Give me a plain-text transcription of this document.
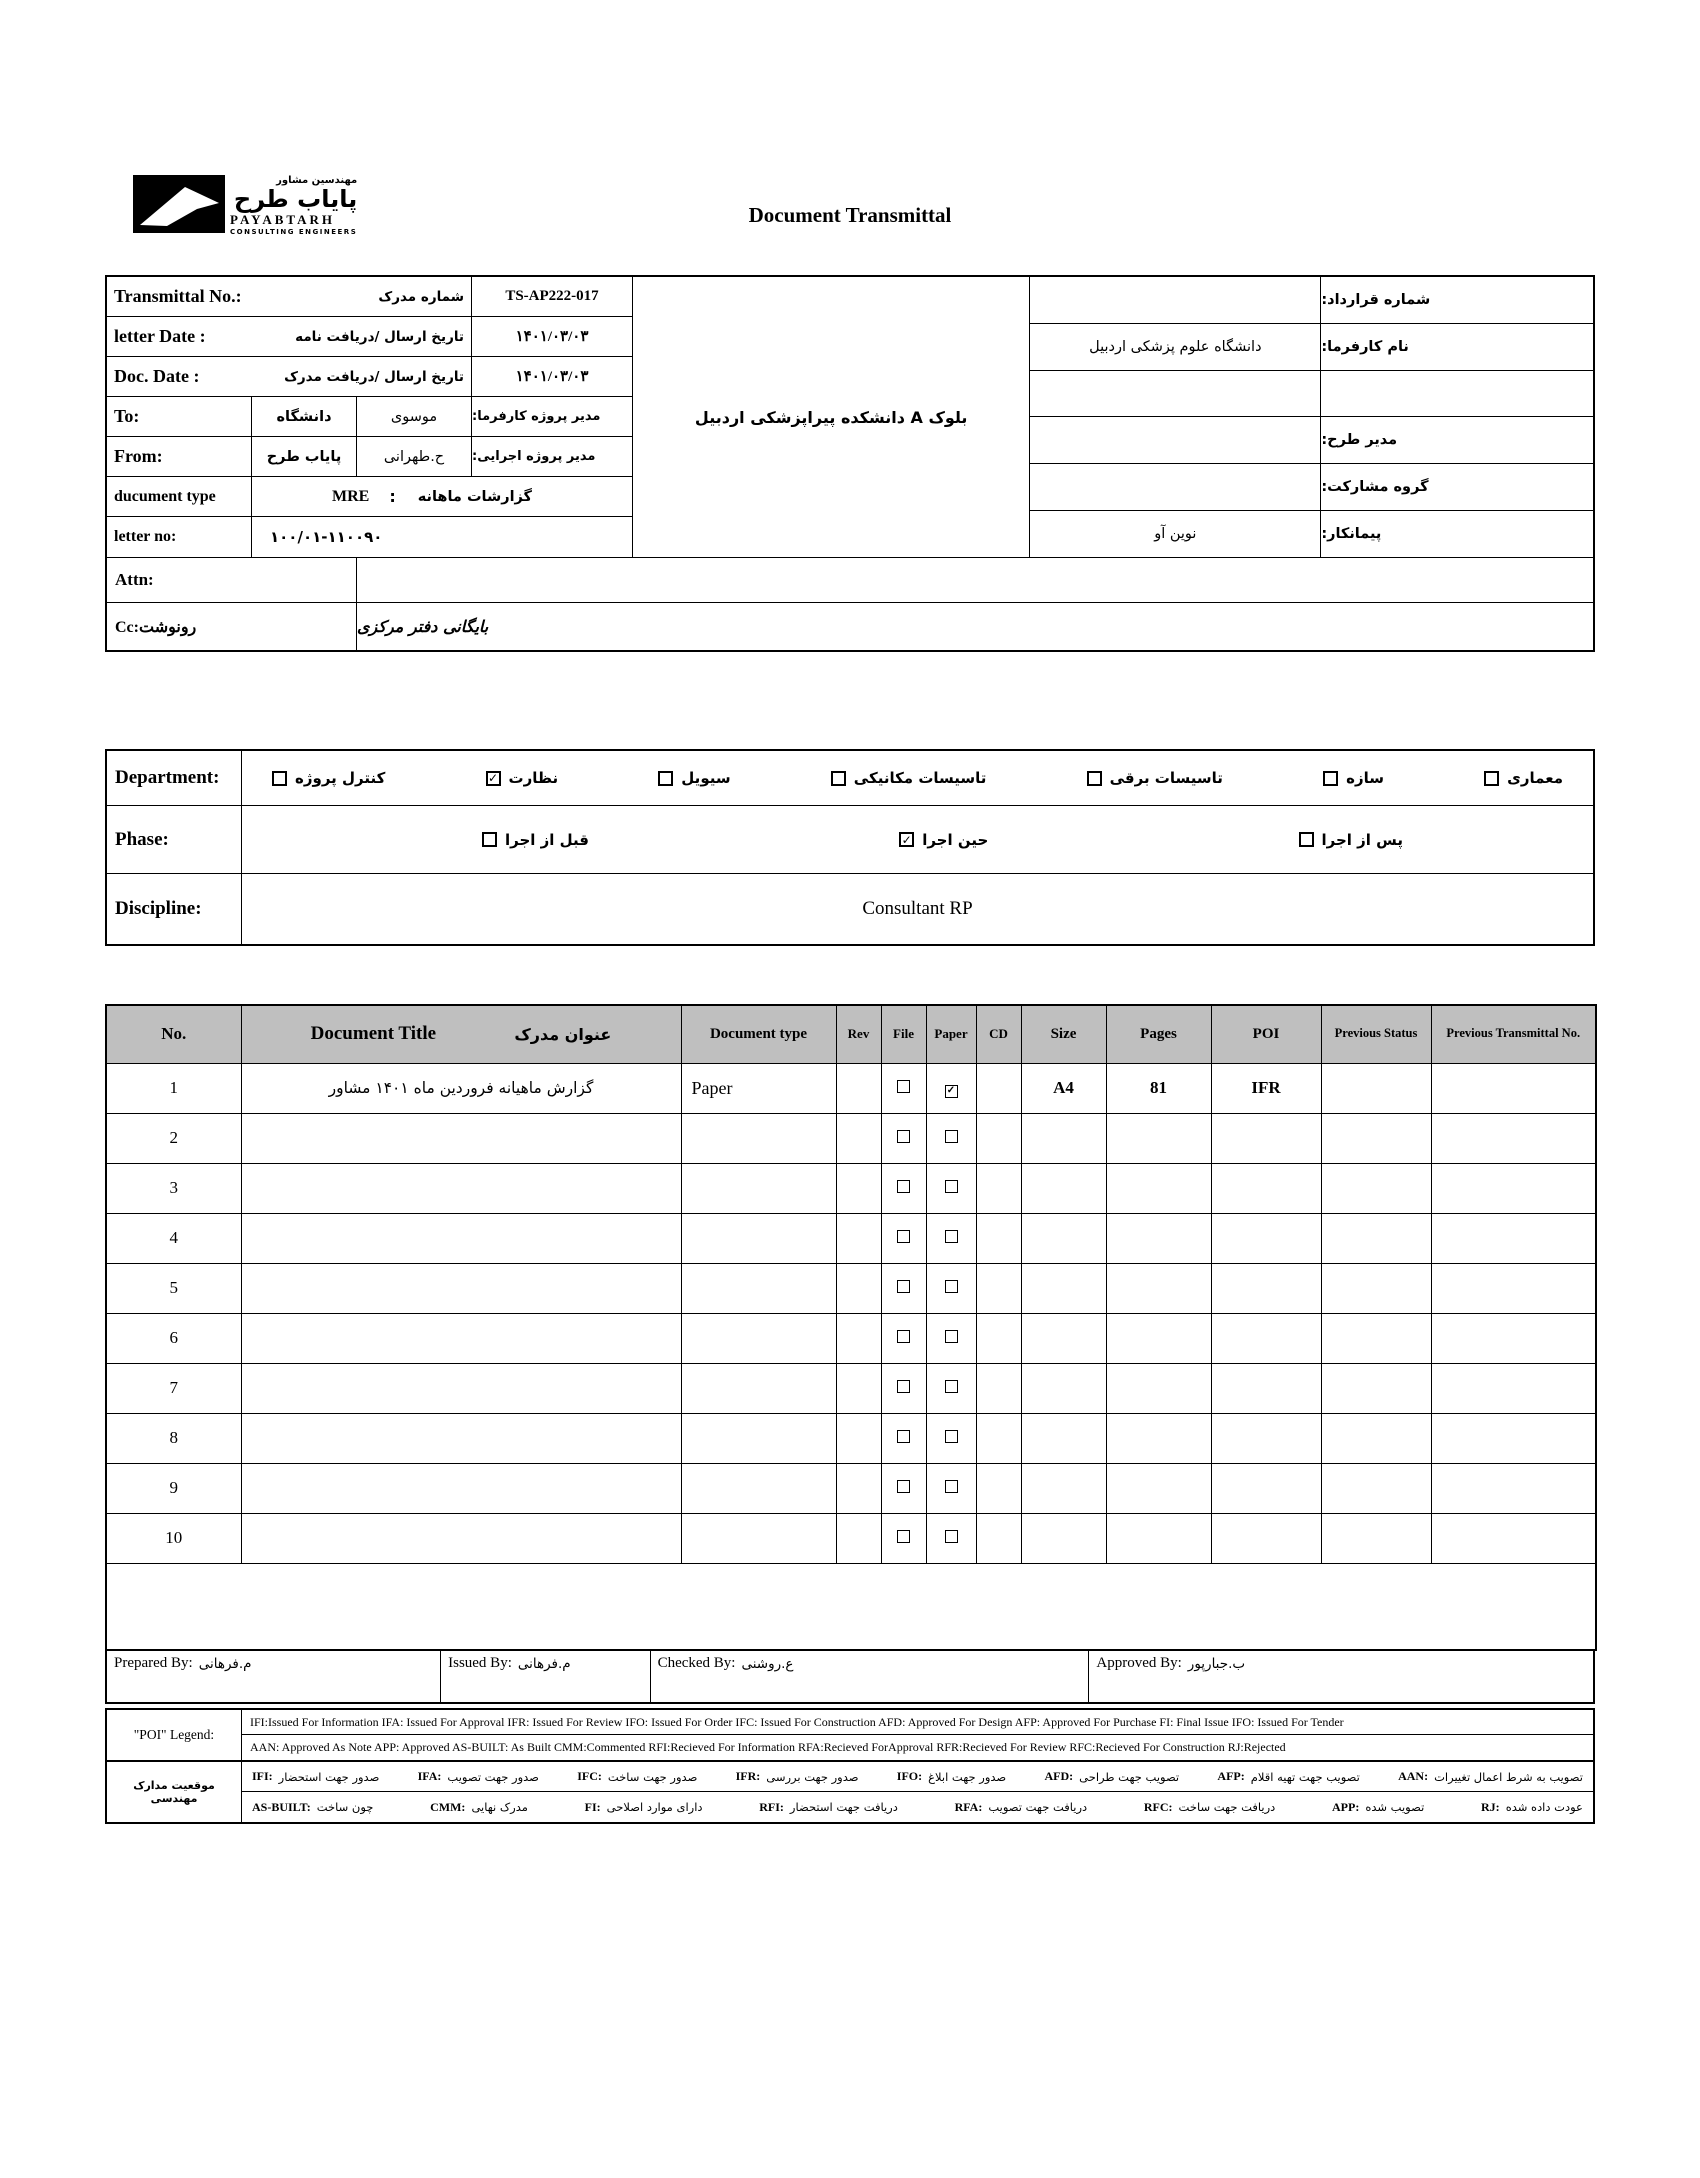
مهندسین مشاور
پایاب طرح
PAYABTARH
CONSULTING ENGINEERS
Document Transmittal
Transmittal No.:	شماره مدرک	TS-AP222-017
letter Date :	تاریخ ارسال /دریافت نامه	۱۴۰۱/۰۳/۰۳
Doc. Date :	تاریخ ارسال /دریافت مدرک	۱۴۰۱/۰۳/۰۳
To:	دانشگاه	موسوی	مدیر پروژه کارفرما:
From:	پایاب طرح	ح.طهرانی	مدیر پروژه اجرایی:
ducument type	MRE : گزارشات ماهانه
letter no:	۱۰۰/۰۱-۱۱۰۰۹۰
بلوک A دانشکده پیراپزشکی اردبیل
شماره قرارداد:
دانشگاه علوم پزشکی اردبیل	نام کارفرما:
مدیر طرح:
گروه مشارکت:
نوین آو	پیمانکار:
Attn:
Cc:رونوشت	بایگانی دفتر مرکزی
Department:	کنترل پروژه	✓ نظارت	سیویل	تاسیسات مکانیکی	تاسیسات برقی	سازه	معماری
Phase:	قبل از اجرا	✓ حین اجرا	پس از اجرا
Discipline:	Consultant RP
No.	Document Title عنوان مدرک	Document type	Rev	File	Paper	CD	Size	Pages	POI	Previous Status	Previous Transmittal No.
1	گزارش ماهیانه فروردین ماه ۱۴۰۱ مشاور	Paper			✓		A4	81	IFR		
2											
3											
4											
5											
6											
7											
8											
9											
10											

Prepared By: م.فرهانی	Issued By: م.فرهانی	Checked By: ع.روشنی	Approved By: ب.جبارپور
"POI" Legend:
IFI:Issued For Information IFA: Issued For Approval IFR: Issued For Review IFO: Issued For Order IFC: Issued For Construction AFD: Approved For Design AFP: Approved For Purchase FI: Final Issue IFO: Issued For Tender
AAN: Approved As Note APP: Approved AS-BUILT: As Built CMM:Commented RFI:Recieved For Information RFA:Recieved ForApproval RFR:Recieved For Review RFC:Recieved For Construction RJ:Rejected
موقعیت مدارک مهندسی
IFI: صدور جهت استحضار	IFA: صدور جهت تصویب	IFC: صدور جهت ساخت	IFR: صدور جهت بررسی	IFO: صدور جهت ابلاغ	AFD: تصویب جهت طراحی	AFP: تصویب جهت تهیه اقلام	AAN: تصویب به شرط اعمال تغییرات
AS-BUILT: چون ساخت	CMM: مدرک نهایی	FI: دارای موارد اصلاحی	RFI: دریافت جهت استحضار	RFA: دریافت جهت تصویب	RFC: دریافت جهت ساخت	APP: تصویب شده	RJ: عودت داده شده
